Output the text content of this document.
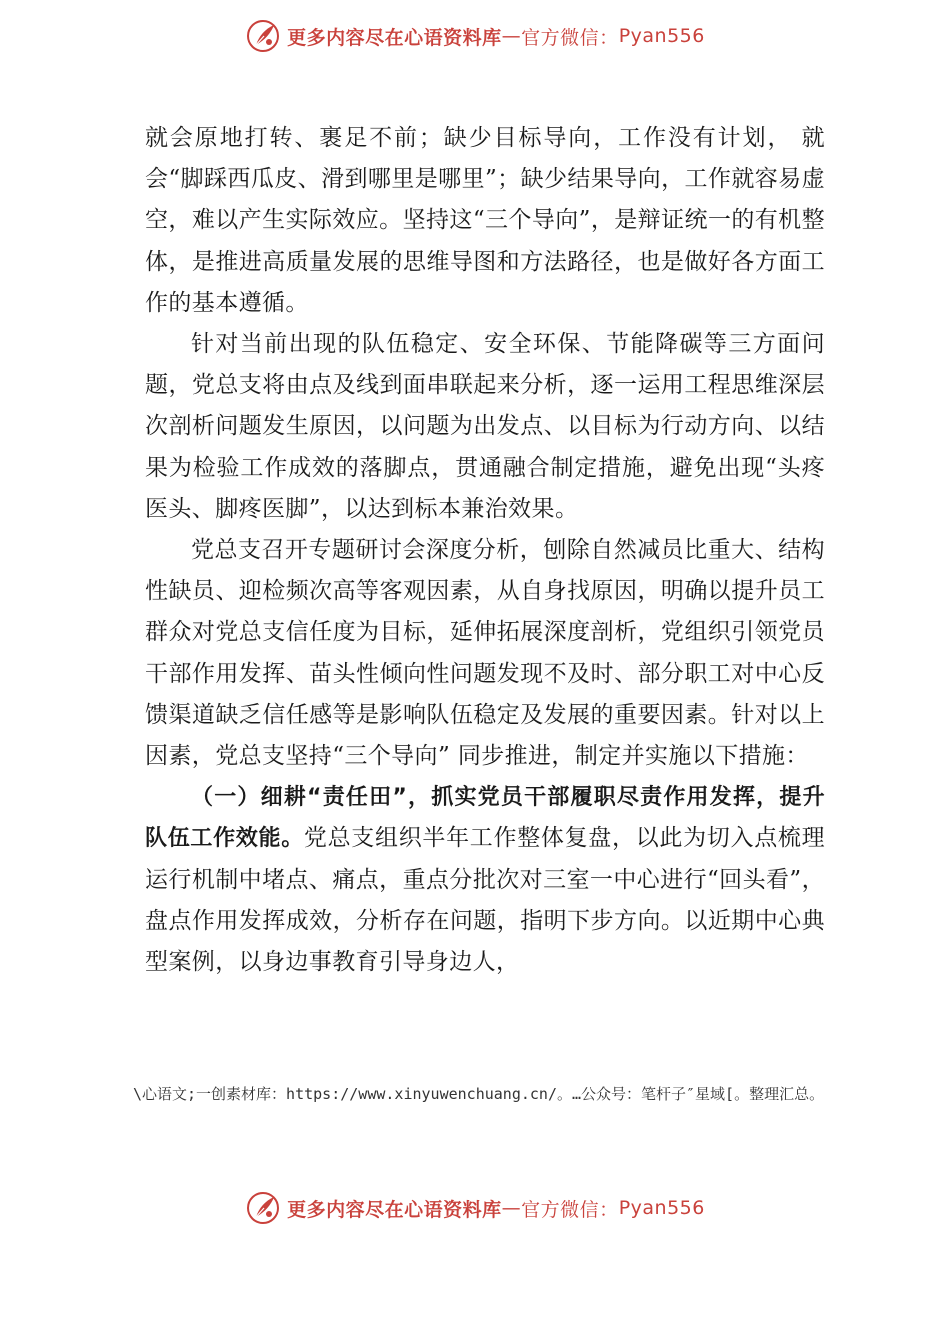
更多内容尽在心语资料库 — 官方微信： Pyan556

就会原地打转、裹足不前；缺少目标导向，工作没有计划， 就会“脚踩西瓜皮、滑到哪里是哪里”；缺少结果导向，工作就容易虚空，难以产生实际效应。坚持这“三个导向”，是辩证统一的有机整体，是推进高质量发展的思维导图和方法路径，也是做好各方面工作的基本遵循。

针对当前出现的队伍稳定、安全环保、节能降碳等三方面问题，党总支将由点及线到面串联起来分析，逐一运用工程思维深层次剖析问题发生原因，以问题为出发点、以目标为行动方向、以结果为检验工作成效的落脚点，贯通融合制定措施，避免出现“头疼医头、脚疼医脚”，以达到标本兼治效果。

党总支召开专题研讨会深度分析，刨除自然减员比重大、结构性缺员、迎检频次高等客观因素，从自身找原因，明确以提升员工群众对党总支信任度为目标，延伸拓展深度剖析，党组织引领党员干部作用发挥、苗头性倾向性问题发现不及时、部分职工对中心反馈渠道缺乏信任感等是影响队伍稳定及发展的重要因素。针对以上因素，党总支坚持“三个导向” 同步推进，制定并实施以下措施：

（一）细耕“责任田”，抓实党员干部履职尽责作用发挥，提升队伍工作效能。党总支组织半年工作整体复盘，以此为切入点梳理运行机制中堵点、痛点，重点分批次对三室一中心进行“回头看”，盘点作用发挥成效，分析存在问题，指明下步方向。以近期中心典型案例，以身边事教育引导身边人，

\心语文;一创素材库：https://www.xinyuwenchuang.cn/。…公众号：笔杆子″星域[。整理汇总。
更多内容尽在心语资料库 — 官方微信： Pyan556
